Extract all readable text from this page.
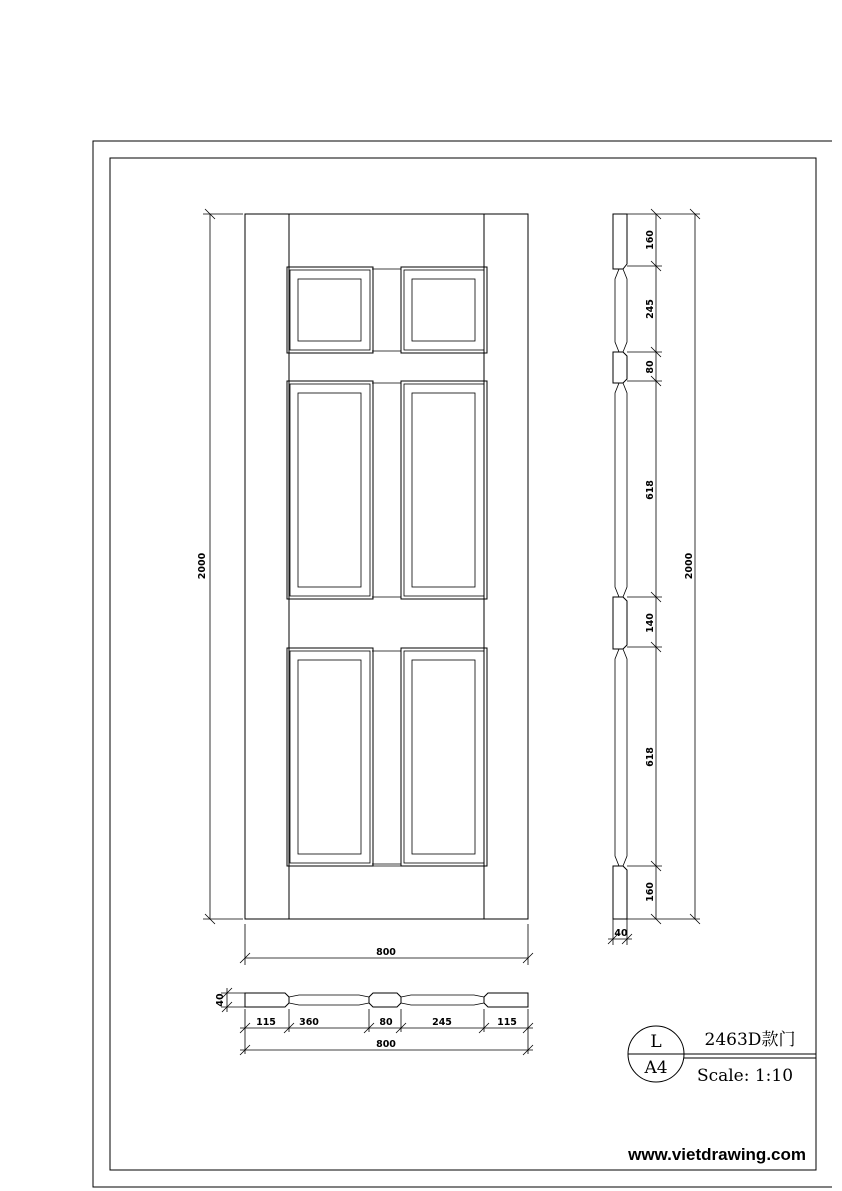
2000
800
160
245
80
618
140
618
160
2000
40
40
115 360	80	245	115
800	L
A4
2463D款门
Scale: 1:10
www.vietdrawing.com
